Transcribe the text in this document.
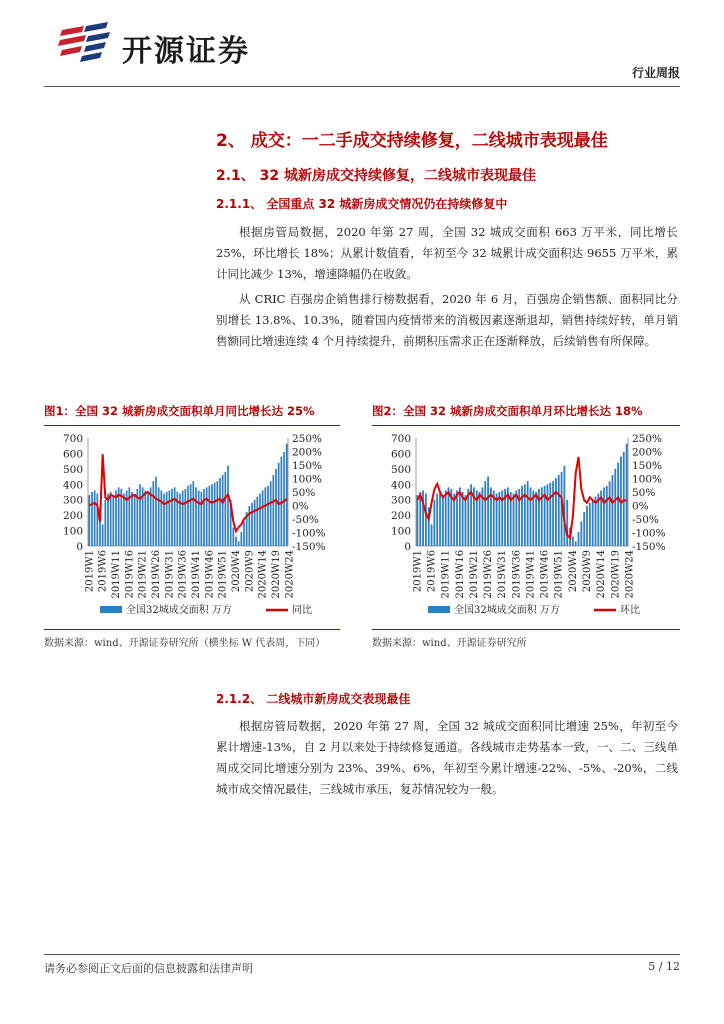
开源证券
行业周报
2、 成交：一二手成交持续修复，二线城市表现最佳
2.1、 32 城新房成交持续修复，二线城市表现最佳
2.1.1、 全国重点 32 城新房成交情况仍在持续修复中
根据房管局数据，2020 年第 27 周，全国 32 城成交面积 663 万平米，同比增长 25%，环比增长 18%；从累计数值看，年初至今 32 城累计成交面积达 9655 万平米，累计同比减少 13%，增速降幅仍在收敛。
从 CRIC 百强房企销售排行榜数据看，2020 年 6 月，百强房企销售额、面积同比分别增长 13.8%、10.3%，随着国内疫情带来的消极因素逐渐退却，销售持续好转，单月销售额同比增速连续 4 个月持续提升，前期积压需求正在逐渐释放，后续销售有所保障。
图1：全国 32 城新房成交面积单月同比增长达 25%	图2：全国 32 城新房成交面积单月环比增长达 18%
0
100
200
300
400
500
600
700
-150%
-100%
-50%
0%
50%
100%
150%
200%
250%
2019W1 2019W6 2019W11 2019W16 2019W21 2019W26 2019W31 2019W36 2019W41 2019W46 2019W51 2020W4 2020W9 2020W14 2020W19 2020W24
全国32城成交面积 万方	同比
0
100
200
300
400
500
600
700
-150%
-100%
-50%
0%
50%
100%
150%
200%
250%
2019W1 2019W6 2019W11 2019W16 2019W21 2019W26 2019W31 2019W36 2019W41 2019W46 2019W51 2020W4 2020W9 2020W14 2020W19 2020W24
全国32城成交面积 万方	环比
数据来源：wind、开源证券研究所（横坐标 W 代表周，下同）	数据来源：wind、开源证券研究所
2.1.2、 二线城市新房成交表现最佳
根据房管局数据，2020 年第 27 周，全国 32 城成交面积同比增速 25%，年初至今累计增速-13%，自 2 月以来处于持续修复通道。各线城市走势基本一致，一、二、三线单周成交同比增速分别为 23%、39%、6%，年初至今累计增速-22%、-5%、-20%，二线城市成交情况最佳，三线城市承压，复苏情况较为一般。
请务必参阅正文后面的信息披露和法律声明	5 / 12
